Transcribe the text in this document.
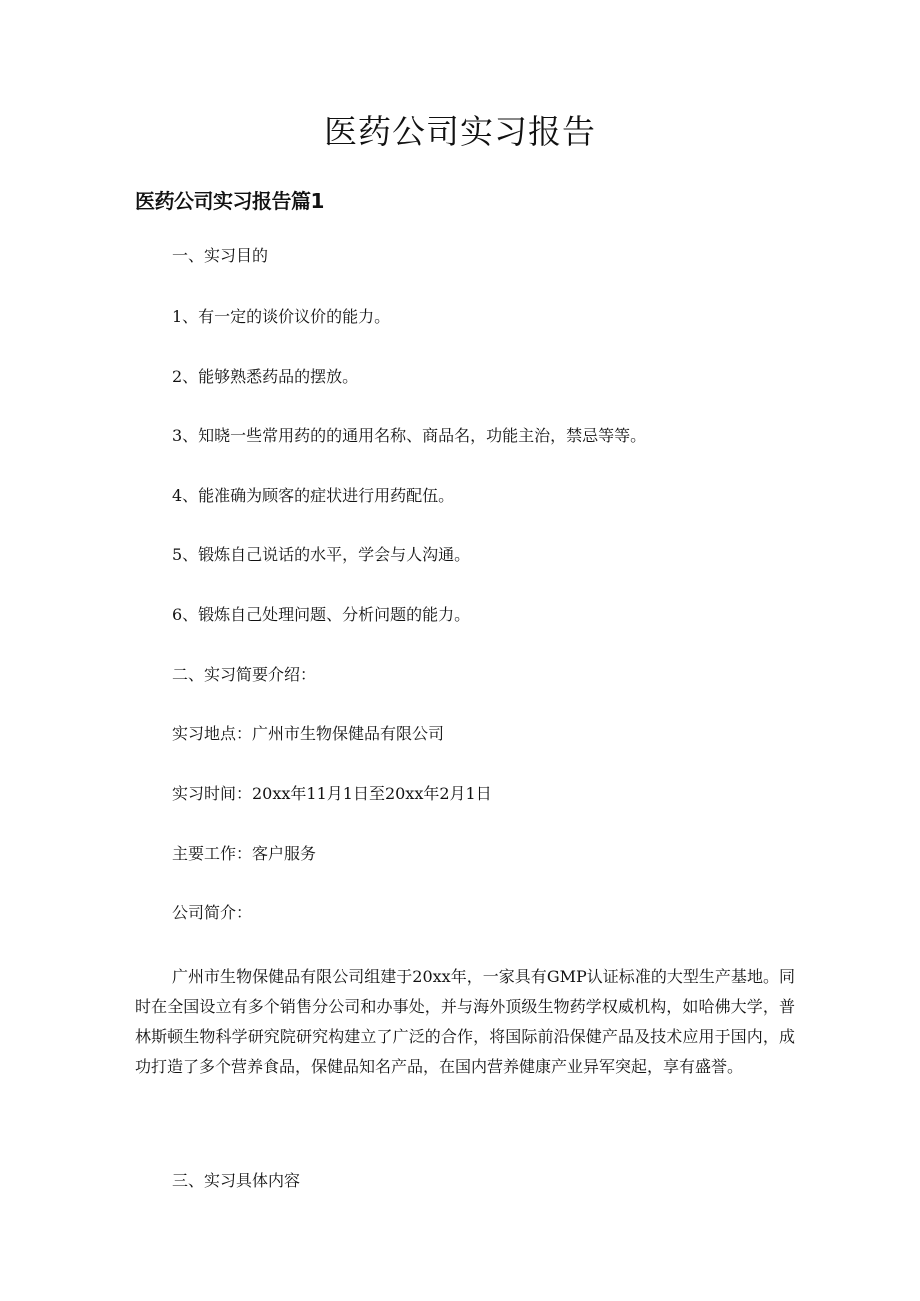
医药公司实习报告
医药公司实习报告篇1

一、实习目的

1、有一定的谈价议价的能力。

2、能够熟悉药品的摆放。

3、知晓一些常用药的的通用名称、商品名，功能主治，禁忌等等。

4、能准确为顾客的症状进行用药配伍。

5、锻炼自己说话的水平，学会与人沟通。

6、锻炼自己处理问题、分析问题的能力。

二、实习简要介绍：

实习地点：广州市生物保健品有限公司

实习时间：20xx年11月1日至20xx年2月1日

主要工作：客户服务

公司简介：

广州市生物保健品有限公司组建于20xx年，一家具有GMP认证标准的大型生产基地。同时在全国设立有多个销售分公司和办事处，并与海外顶级生物药学权威机构，如哈佛大学，普林斯顿生物科学研究院研究构建立了广泛的合作，将国际前沿保健产品及技术应用于国内，成功打造了多个营养食品，保健品知名产品，在国内营养健康产业异军突起，享有盛誉。

三、实习具体内容
